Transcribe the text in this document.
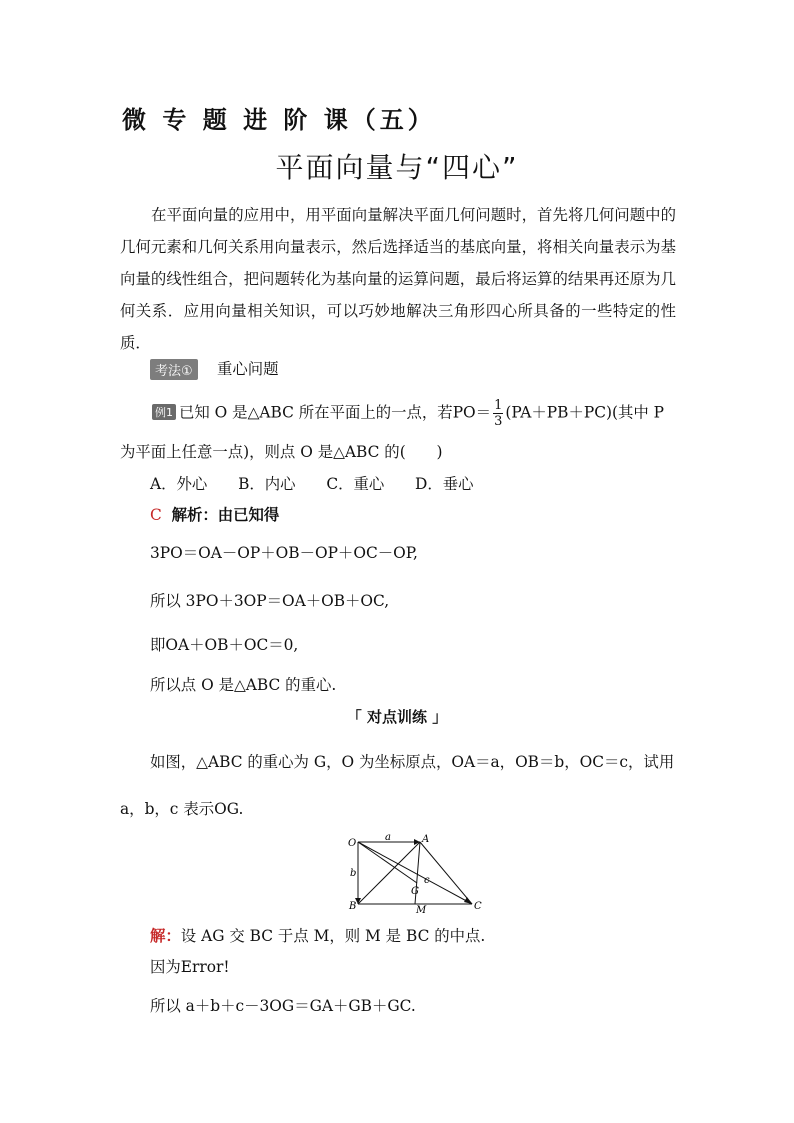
微 专 题 进 阶 课（五）
平面向量与“四心”
在平面向量的应用中，用平面向量解决平面几何问题时，首先将几何问题中的几何元素和几何关系用向量表示，然后选择适当的基底向量，将相关向量表示为基向量的线性组合，把问题转化为基向量的运算问题，最后将运算的结果再还原为几何关系．应用向量相关知识，可以巧妙地解决三角形四心所具备的一些特定的性质．
考法①	重心问题
例1 已知 O 是△ABC 所在平面上的一点，若$PO= \frac{1}{3} (PA+PB+PC)$(其中 P
为平面上任意一点)，则点 O 是△ABC 的(　　)
A．外心　　B．内心　　C．重心　　D．垂心
C 解析：由已知得
3PO＝OA－OP＋OB－OP＋OC－OP,
所以 3PO＋3OP＝OA＋OB＋OC,
即OA＋OB＋OC＝0,
所以点 O 是△ABC 的重心.
「 对点训练 」
如图，△ABC 的重心为 G，O 为坐标原点，OA＝a，OB＝b，OC＝c，试用
a，b，c 表示OG.
O	A
B	C
G
M
a
b
c
解：设 AG 交 BC 于点 M，则 M 是 BC 的中点.
因为Error!
所以 a＋b＋c－3OG＝GA＋GB＋GC.
